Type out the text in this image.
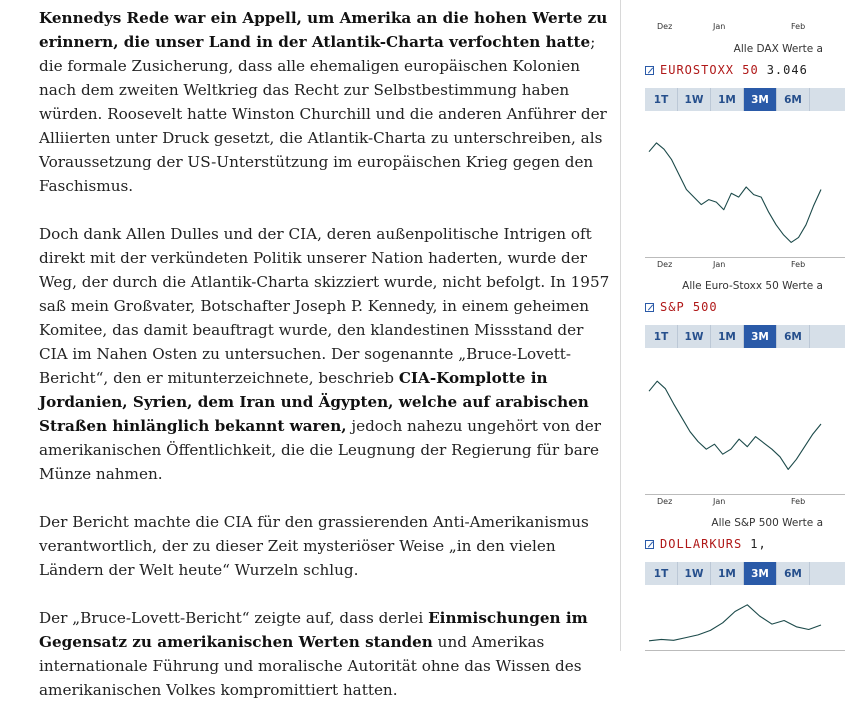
Kennedys Rede war ein Appell, um Amerika an die hohen Werte zu erinnern, die unser Land in der Atlantik-Charta verfochten hatte; die formale Zusicherung, dass alle ehemaligen europäischen Kolonien nach dem zweiten Weltkrieg das Recht zur Selbstbestimmung haben würden. Roosevelt hatte Winston Churchill und die anderen Anführer der Alliierten unter Druck gesetzt, die Atlantik-Charta zu unterschreiben, als Voraussetzung der US-Unterstützung im europäischen Krieg gegen den Faschismus.

Doch dank Allen Dulles und der CIA, deren außenpolitische Intrigen oft direkt mit der verkündeten Politik unserer Nation haderten, wurde der Weg, der durch die Atlantik-Charta skizziert wurde, nicht befolgt. In 1957 saß mein Großvater, Botschafter Joseph P. Kennedy, in einem geheimen Komitee, das damit beauftragt wurde, den klandestinen Missstand der CIA im Nahen Osten zu untersuchen. Der sogenannte „Bruce-Lovett-Bericht“, den er mitunterzeichnete, beschrieb CIA-Komplotte in Jordanien, Syrien, dem Iran und Ägypten, welche auf arabischen Straßen hinlänglich bekannt waren, jedoch nahezu ungehört von der amerikanischen Öffentlichkeit, die die Leugnung der Regierung für bare Münze nahmen.

Der Bericht machte die CIA für den grassierenden Anti-Amerikanismus verantwortlich, der zu dieser Zeit mysteriöser Weise „in den vielen Ländern der Welt heute“ Wurzeln schlug.

Der „Bruce-Lovett-Bericht“ zeigte auf, dass derlei Einmischungen im Gegensatz zu amerikanischen Werten standen und Amerikas internationale Führung und moralische Autorität ohne das Wissen des amerikanischen Volkes kompromittiert hatten.

Dez	Jan	Feb
Alle DAX Werte a
EUROSTOXX 50 3.046
1T	1W	1M	3M	6M
Dez	Jan	Feb
Alle Euro-Stoxx 50 Werte a
S&P 500
1T	1W	1M	3M	6M
Dez	Jan	Feb
Alle S&P 500 Werte a
DOLLARKURS 1,
1T	1W	1M	3M	6M
